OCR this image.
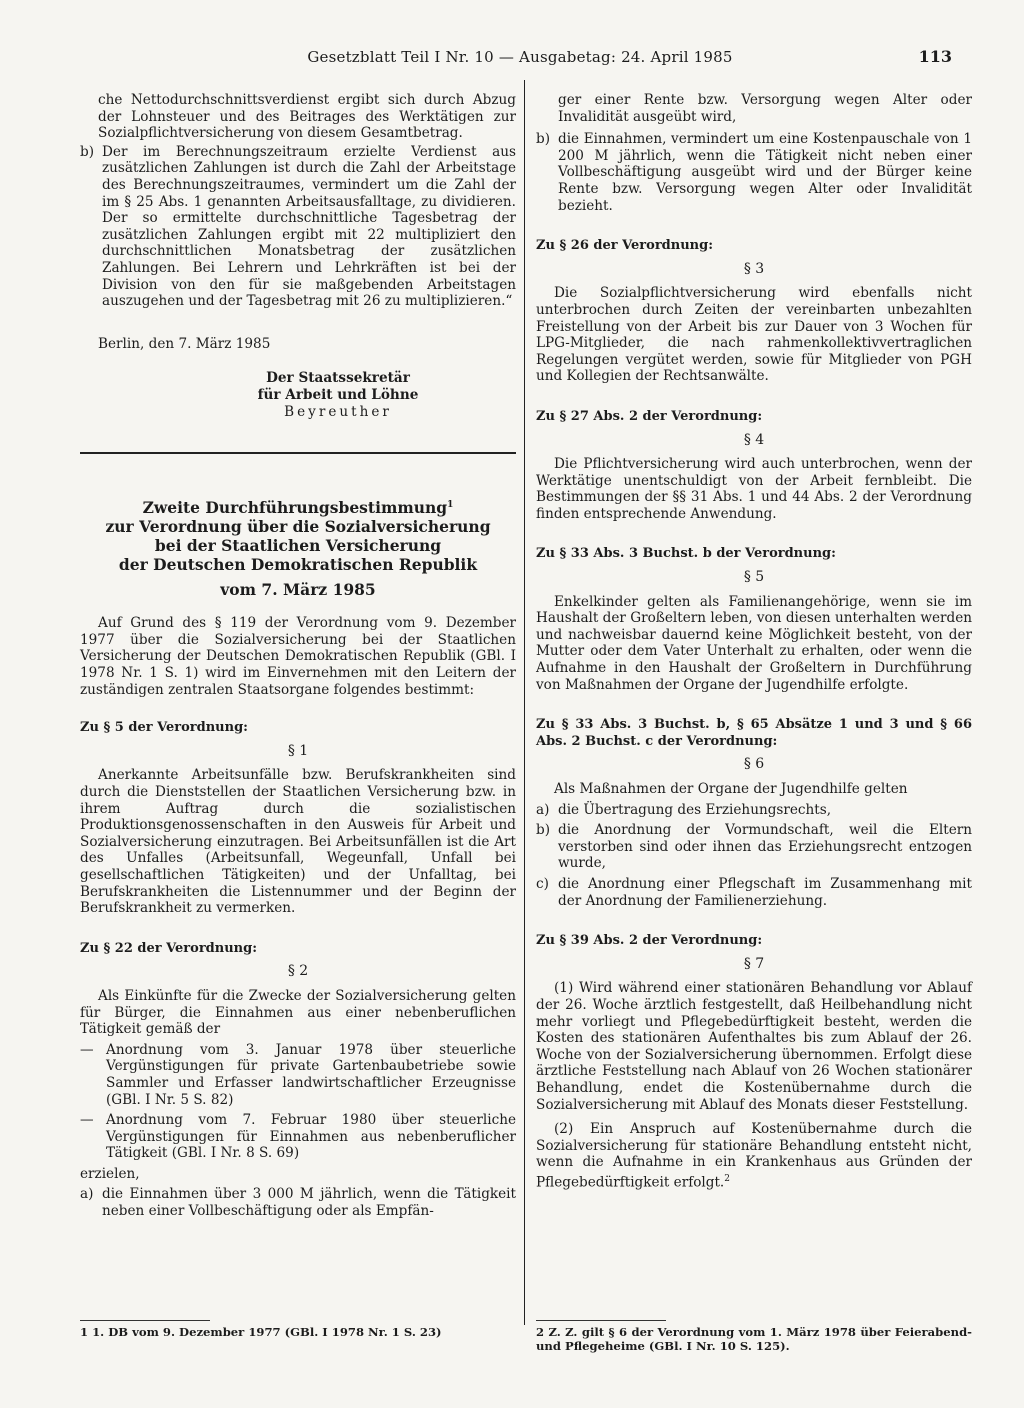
Gesetzblatt Teil I Nr. 10 — Ausgabetag: 24. April 1985	113

che Nettodurchschnittsverdienst ergibt sich durch Abzug der Lohnsteuer und des Beitrages des Werktätigen zur Sozialpflichtversicherung von diesem Gesamtbetrag.

b) Der im Berechnungszeitraum erzielte Verdienst aus zusätzlichen Zahlungen ist durch die Zahl der Arbeitstage des Berechnungszeitraumes, vermindert um die Zahl der im § 25 Abs. 1 genannten Arbeitsausfalltage, zu dividieren. Der so ermittelte durchschnittliche Tagesbetrag der zusätzlichen Zahlungen ergibt mit 22 multipliziert den durchschnittlichen Monatsbetrag der zusätzlichen Zahlungen. Bei Lehrern und Lehrkräften ist bei der Division von den für sie maßgebenden Arbeitstagen auszugehen und der Tagesbetrag mit 26 zu multiplizieren.“

Berlin, den 7. März 1985

Der Staatssekretär
für Arbeit und Löhne
Beyreuther
Zweite Durchführungsbestimmung$^1$
zur Verordnung über die Sozialversicherung
bei der Staatlichen Versicherung
der Deutschen Demokratischen Republik
vom 7. März 1985

Auf Grund des § 119 der Verordnung vom 9. Dezember 1977 über die Sozialversicherung bei der Staatlichen Versicherung der Deutschen Demokratischen Republik (GBl. I 1978 Nr. 1 S. 1) wird im Einvernehmen mit den Leitern der zuständigen zentralen Staatsorgane folgendes bestimmt:

Zu § 5 der Verordnung:

§ 1

Anerkannte Arbeitsunfälle bzw. Berufskrankheiten sind durch die Dienststellen der Staatlichen Versicherung bzw. in ihrem Auftrag durch die sozialistischen Produktionsgenossenschaften in den Ausweis für Arbeit und Sozialversicherung einzutragen. Bei Arbeitsunfällen ist die Art des Unfalles (Arbeitsunfall, Wegeunfall, Unfall bei gesellschaftlichen Tätigkeiten) und der Unfalltag, bei Berufskrankheiten die Listennummer und der Beginn der Berufskrankheit zu vermerken.

Zu § 22 der Verordnung:

§ 2

Als Einkünfte für die Zwecke der Sozialversicherung gelten für Bürger, die Einnahmen aus einer nebenberuflichen Tätigkeit gemäß der

— Anordnung vom 3. Januar 1978 über steuerliche Vergünstigungen für private Gartenbaubetriebe sowie Sammler und Erfasser landwirtschaftlicher Erzeugnisse (GBl. I Nr. 5 S. 82)
— Anordnung vom 7. Februar 1980 über steuerliche Vergünstigungen für Einnahmen aus nebenberuflicher Tätigkeit (GBl. I Nr. 8 S. 69)

erzielen,

a) die Einnahmen über 3 000 M jährlich, wenn die Tätigkeit neben einer Vollbeschäftigung oder als Empfän-

1 1. DB vom 9. Dezember 1977 (GBl. I 1978 Nr. 1 S. 23)

ger einer Rente bzw. Versorgung wegen Alter oder Invalidität ausgeübt wird,

b) die Einnahmen, vermindert um eine Kostenpauschale von 1 200 M jährlich, wenn die Tätigkeit nicht neben einer Vollbeschäftigung ausgeübt wird und der Bürger keine Rente bzw. Versorgung wegen Alter oder Invalidität bezieht.

Zu § 26 der Verordnung:

§ 3

Die Sozialpflichtversicherung wird ebenfalls nicht unterbrochen durch Zeiten der vereinbarten unbezahlten Freistellung von der Arbeit bis zur Dauer von 3 Wochen für LPG-Mitglieder, die nach rahmenkollektivvertraglichen Regelungen vergütet werden, sowie für Mitglieder von PGH und Kollegien der Rechtsanwälte.

Zu § 27 Abs. 2 der Verordnung:

§ 4

Die Pflichtversicherung wird auch unterbrochen, wenn der Werktätige unentschuldigt von der Arbeit fernbleibt. Die Bestimmungen der §§ 31 Abs. 1 und 44 Abs. 2 der Verordnung finden entsprechende Anwendung.

Zu § 33 Abs. 3 Buchst. b der Verordnung:

§ 5

Enkelkinder gelten als Familienangehörige, wenn sie im Haushalt der Großeltern leben, von diesen unterhalten werden und nachweisbar dauernd keine Möglichkeit besteht, von der Mutter oder dem Vater Unterhalt zu erhalten, oder wenn die Aufnahme in den Haushalt der Großeltern in Durchführung von Maßnahmen der Organe der Jugendhilfe erfolgte.

Zu § 33 Abs. 3 Buchst. b, § 65 Absätze 1 und 3 und § 66 Abs. 2 Buchst. c der Verordnung:

§ 6

Als Maßnahmen der Organe der Jugendhilfe gelten

a) die Übertragung des Erziehungsrechts,
b) die Anordnung der Vormundschaft, weil die Eltern verstorben sind oder ihnen das Erziehungsrecht entzogen wurde,
c) die Anordnung einer Pflegschaft im Zusammenhang mit der Anordnung der Familienerziehung.

Zu § 39 Abs. 2 der Verordnung:

§ 7

(1) Wird während einer stationären Behandlung vor Ablauf der 26. Woche ärztlich festgestellt, daß Heilbehandlung nicht mehr vorliegt und Pflegebedürftigkeit besteht, werden die Kosten des stationären Aufenthaltes bis zum Ablauf der 26. Woche von der Sozialversicherung übernommen. Erfolgt diese ärztliche Feststellung nach Ablauf von 26 Wochen stationärer Behandlung, endet die Kostenübernahme durch die Sozialversicherung mit Ablauf des Monats dieser Feststellung.

(2) Ein Anspruch auf Kostenübernahme durch die Sozialversicherung für stationäre Behandlung entsteht nicht, wenn die Aufnahme in ein Krankenhaus aus Gründen der Pflegebedürftigkeit erfolgt.$^2$

2 Z. Z. gilt § 6 der Verordnung vom 1. März 1978 über Feierabend- und Pflegeheime (GBl. I Nr. 10 S. 125).
